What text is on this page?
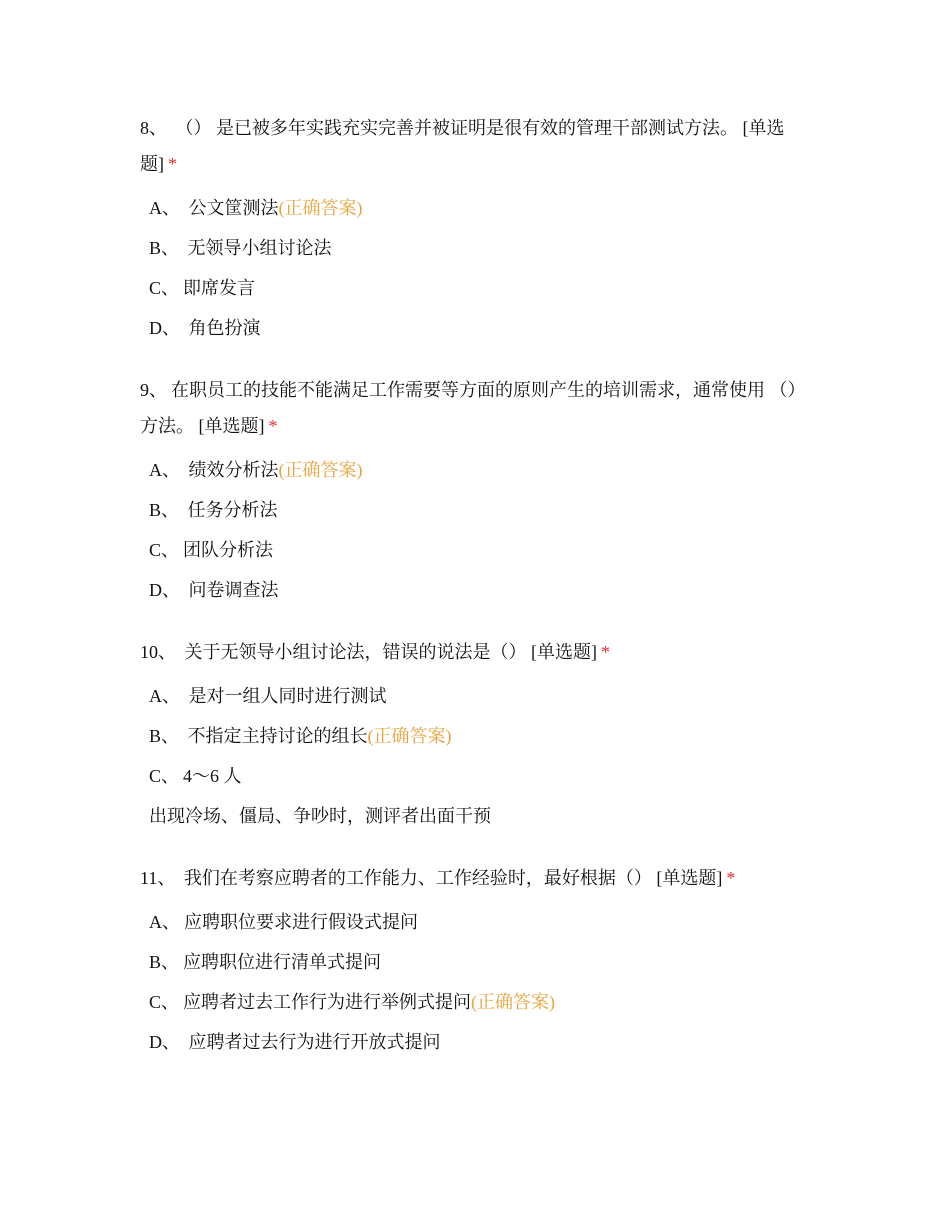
8、 （） 是已被多年实践充实完善并被证明是很有效的管理干部测试方法。 [单选题] *
A、 公文筐测法(正确答案)
B、 无领导小组讨论法
C、 即席发言
D、 角色扮演
9、 在职员工的技能不能满足工作需要等方面的原则产生的培训需求，通常使用 （） 方法。 [单选题] *
A、 绩效分析法(正确答案)
B、 任务分析法
C、 团队分析法
D、 问卷调查法
10、 关于无领导小组讨论法，错误的说法是（） [单选题] *
A、 是对一组人同时进行测试
B、 不指定主持讨论的组长(正确答案)
C、 4～6 人
出现冷场、僵局、争吵时，测评者出面干预
11、 我们在考察应聘者的工作能力、工作经验时，最好根据（） [单选题] *
A、 应聘职位要求进行假设式提问
B、 应聘职位进行清单式提问
C、 应聘者过去工作行为进行举例式提问(正确答案)
D、 应聘者过去行为进行开放式提问
